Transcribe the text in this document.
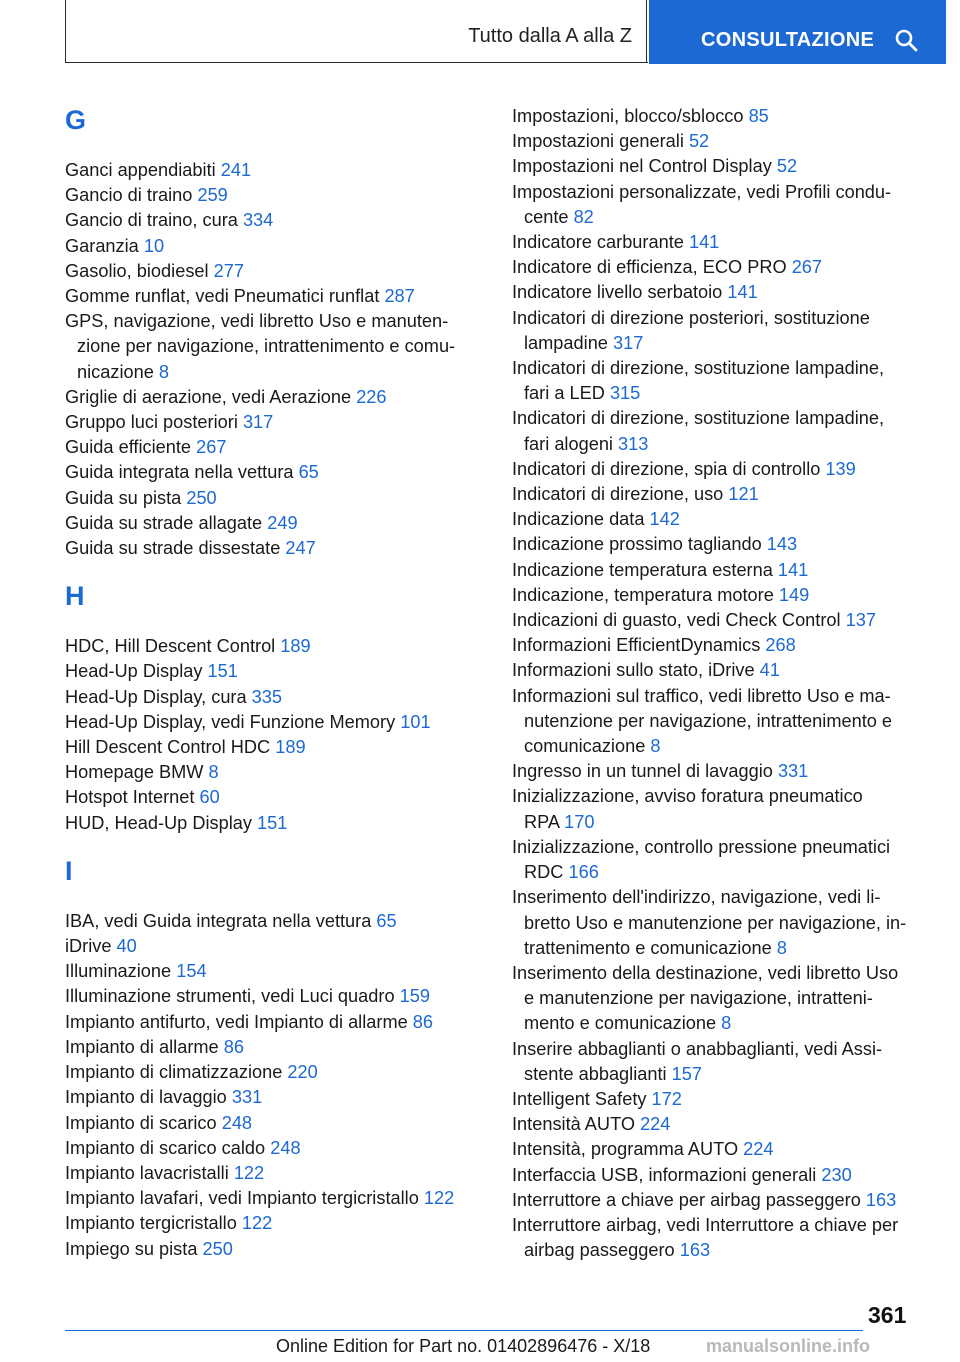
Tutto dalla A alla Z	CONSULTAZIONE
G
Ganci appendiabiti 241
Gancio di traino 259
Gancio di traino, cura 334
Garanzia 10
Gasolio, biodiesel 277
Gomme runflat, vedi Pneumatici runflat 287
GPS, navigazione, vedi libretto Uso e manuten-
zione per navigazione, intrattenimento e comu-
nicazione 8
Griglie di aerazione, vedi Aerazione 226
Gruppo luci posteriori 317
Guida efficiente 267
Guida integrata nella vettura 65
Guida su pista 250
Guida su strade allagate 249
Guida su strade dissestate 247
H
HDC, Hill Descent Control 189
Head-Up Display 151
Head-Up Display, cura 335
Head-Up Display, vedi Funzione Memory 101
Hill Descent Control HDC 189
Homepage BMW 8
Hotspot Internet 60
HUD, Head-Up Display 151
I
IBA, vedi Guida integrata nella vettura 65
iDrive 40
Illuminazione 154
Illuminazione strumenti, vedi Luci quadro 159
Impianto antifurto, vedi Impianto di allarme 86
Impianto di allarme 86
Impianto di climatizzazione 220
Impianto di lavaggio 331
Impianto di scarico 248
Impianto di scarico caldo 248
Impianto lavacristalli 122
Impianto lavafari, vedi Impianto tergicristallo 122
Impianto tergicristallo 122
Impiego su pista 250
Impostazioni, blocco/sblocco 85
Impostazioni generali 52
Impostazioni nel Control Display 52
Impostazioni personalizzate, vedi Profili condu-
cente 82
Indicatore carburante 141
Indicatore di efficienza, ECO PRO 267
Indicatore livello serbatoio 141
Indicatori di direzione posteriori, sostituzione
lampadine 317
Indicatori di direzione, sostituzione lampadine,
fari a LED 315
Indicatori di direzione, sostituzione lampadine,
fari alogeni 313
Indicatori di direzione, spia di controllo 139
Indicatori di direzione, uso 121
Indicazione data 142
Indicazione prossimo tagliando 143
Indicazione temperatura esterna 141
Indicazione, temperatura motore 149
Indicazioni di guasto, vedi Check Control 137
Informazioni EfficientDynamics 268
Informazioni sullo stato, iDrive 41
Informazioni sul traffico, vedi libretto Uso e ma-
nutenzione per navigazione, intrattenimento e
comunicazione 8
Ingresso in un tunnel di lavaggio 331
Inizializzazione, avviso foratura pneumatico
RPA 170
Inizializzazione, controllo pressione pneumatici
RDC 166
Inserimento dell'indirizzo, navigazione, vedi li-
bretto Uso e manutenzione per navigazione, in-
trattenimento e comunicazione 8
Inserimento della destinazione, vedi libretto Uso
e manutenzione per navigazione, intratteni-
mento e comunicazione 8
Inserire abbaglianti o anabbaglianti, vedi Assi-
stente abbaglianti 157
Intelligent Safety 172
Intensità AUTO 224
Intensità, programma AUTO 224
Interfaccia USB, informazioni generali 230
Interruttore a chiave per airbag passeggero 163
Interruttore airbag, vedi Interruttore a chiave per
airbag passeggero 163
361
Online Edition for Part no. 01402896476 - X/18	manualsonline.info
